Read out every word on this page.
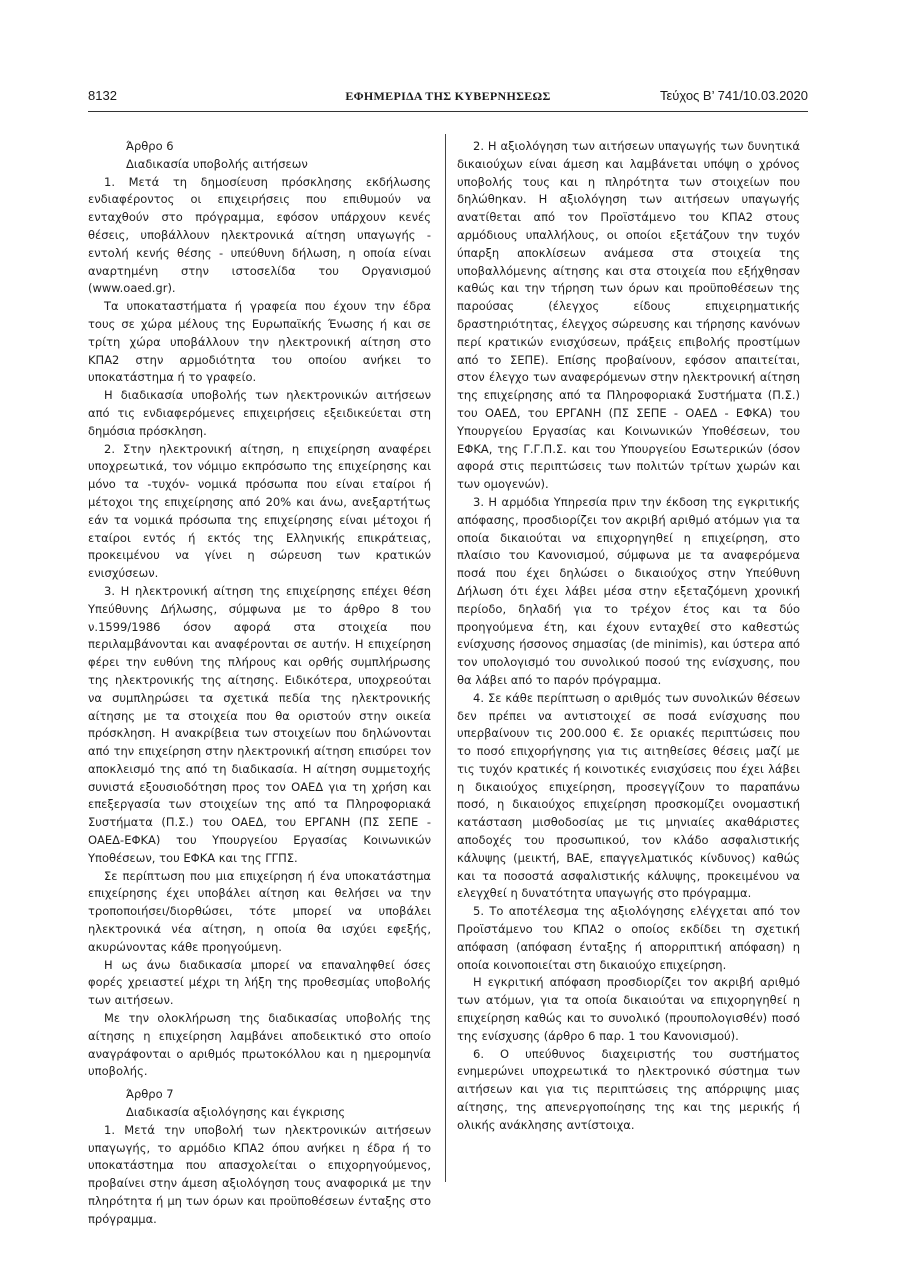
8132	ΕΦΗΜΕΡΙΔΑ ΤΗΣ ΚΥΒΕΡΝΗΣΕΩΣ	Τεύχος Β’ 741/10.03.2020

Άρθρο 6

Διαδικασία υποβολής αιτήσεων

1. Μετά τη δημοσίευση πρόσκλησης εκδήλωσης ενδιαφέροντος οι επιχειρήσεις που επιθυμούν να ενταχθούν στο πρόγραμμα, εφόσον υπάρχουν κενές θέσεις, υποβάλλουν ηλεκτρονικά αίτηση υπαγωγής - εντολή κενής θέσης - υπεύθυνη δήλωση, η οποία είναι αναρτημένη στην ιστοσελίδα του Οργανισμού (www.oaed.gr).

Τα υποκαταστήματα ή γραφεία που έχουν την έδρα τους σε χώρα μέλους της Ευρωπαϊκής Ένωσης ή και σε τρίτη χώρα υποβάλλουν την ηλεκτρονική αίτηση στο ΚΠΑ2 στην αρμοδιότητα του οποίου ανήκει το υποκατάστημα ή το γραφείο.

Η διαδικασία υποβολής των ηλεκτρονικών αιτήσεων από τις ενδιαφερόμενες επιχειρήσεις εξειδικεύεται στη δημόσια πρόσκληση.

2. Στην ηλεκτρονική αίτηση, η επιχείρηση αναφέρει υποχρεωτικά, τον νόμιμο εκπρόσωπο της επιχείρησης και μόνο τα -τυχόν- νομικά πρόσωπα που είναι εταίροι ή μέτοχοι της επιχείρησης από 20% και άνω, ανεξαρτήτως εάν τα νομικά πρόσωπα της επιχείρησης είναι μέτοχοι ή εταίροι εντός ή εκτός της Ελληνικής επικράτειας, προκειμένου να γίνει η σώρευση των κρατικών ενισχύσεων.

3. Η ηλεκτρονική αίτηση της επιχείρησης επέχει θέση Υπεύθυνης Δήλωσης, σύμφωνα με το άρθρο 8 του ν.1599/1986 όσον αφορά στα στοιχεία που περιλαμβάνονται και αναφέρονται σε αυτήν. Η επιχείρηση φέρει την ευθύνη της πλήρους και ορθής συμπλήρωσης της ηλεκτρονικής της αίτησης. Ειδικότερα, υποχρεούται να συμπληρώσει τα σχετικά πεδία της ηλεκτρονικής αίτησης με τα στοιχεία που θα οριστούν στην οικεία πρόσκληση. Η ανακρίβεια των στοιχείων που δηλώνονται από την επιχείρηση στην ηλεκτρονική αίτηση επισύρει τον αποκλεισμό της από τη διαδικασία. Η αίτηση συμμετοχής συνιστά εξουσιοδότηση προς τον ΟΑΕΔ για τη χρήση και επεξεργασία των στοιχείων της από τα Πληροφοριακά Συστήματα (Π.Σ.) του ΟΑΕΔ, του ΕΡΓΑΝΗ (ΠΣ ΣΕΠΕ - ΟΑΕΔ-ΕΦΚΑ) του Υπουργείου Εργασίας Κοινωνικών Υποθέσεων, του ΕΦΚΑ και της ΓΓΠΣ.

Σε περίπτωση που μια επιχείρηση ή ένα υποκατάστημα επιχείρησης έχει υποβάλει αίτηση και θελήσει να την τροποποιήσει/διορθώσει, τότε μπορεί να υποβάλει ηλεκτρονικά νέα αίτηση, η οποία θα ισχύει εφεξής, ακυρώνοντας κάθε προηγούμενη.

Η ως άνω διαδικασία μπορεί να επαναληφθεί όσες φορές χρειαστεί μέχρι τη λήξη της προθεσμίας υποβολής των αιτήσεων.

Με την ολοκλήρωση της διαδικασίας υποβολής της αίτησης η επιχείρηση λαμβάνει αποδεικτικό στο οποίο αναγράφονται ο αριθμός πρωτοκόλλου και η ημερομηνία υποβολής.

Άρθρο 7

Διαδικασία αξιολόγησης και έγκρισης

1. Μετά την υποβολή των ηλεκτρονικών αιτήσεων υπαγωγής, το αρμόδιο ΚΠΑ2 όπου ανήκει η έδρα ή το υποκατάστημα που απασχολείται ο επιχορηγούμενος, προβαίνει στην άμεση αξιολόγηση τους αναφορικά με την πληρότητα ή μη των όρων και προϋποθέσεων ένταξης στο πρόγραμμα.

2. Η αξιολόγηση των αιτήσεων υπαγωγής των δυνητικά δικαιούχων είναι άμεση και λαμβάνεται υπόψη ο χρόνος υποβολής τους και η πληρότητα των στοιχείων που δηλώθηκαν. Η αξιολόγηση των αιτήσεων υπαγωγής ανατίθεται από τον Προϊστάμενο του ΚΠΑ2 στους αρμόδιους υπαλλήλους, οι οποίοι εξετάζουν την τυχόν ύπαρξη αποκλίσεων ανάμεσα στα στοιχεία της υποβαλλόμενης αίτησης και στα στοιχεία που εξήχθησαν καθώς και την τήρηση των όρων και προϋποθέσεων της παρούσας (έλεγχος είδους επιχειρηματικής δραστηριότητας, έλεγχος σώρευσης και τήρησης κανόνων περί κρατικών ενισχύσεων, πράξεις επιβολής προστίμων από το ΣΕΠΕ). Επίσης προβαίνουν, εφόσον απαιτείται, στον έλεγχο των αναφερόμενων στην ηλεκτρονική αίτηση της επιχείρησης από τα Πληροφοριακά Συστήματα (Π.Σ.) του ΟΑΕΔ, του ΕΡΓΑΝΗ (ΠΣ ΣΕΠΕ - ΟΑΕΔ - ΕΦΚΑ) του Υπουργείου Εργασίας και Κοινωνικών Υποθέσεων, του ΕΦΚΑ, της Γ.Γ.Π.Σ. και του Υπουργείου Εσωτερικών (όσον αφορά στις περιπτώσεις των πολιτών τρίτων χωρών και των ομογενών).

3. Η αρμόδια Υπηρεσία πριν την έκδοση της εγκριτικής απόφασης, προσδιορίζει τον ακριβή αριθμό ατόμων για τα οποία δικαιούται να επιχορηγηθεί η επιχείρηση, στο πλαίσιο του Κανονισμού, σύμφωνα με τα αναφερόμενα ποσά που έχει δηλώσει ο δικαιούχος στην Υπεύθυνη Δήλωση ότι έχει λάβει μέσα στην εξεταζόμενη χρονική περίοδο, δηλαδή για το τρέχον έτος και τα δύο προηγούμενα έτη, και έχουν ενταχθεί στο καθεστώς ενίσχυσης ήσσονος σημασίας (de minimis), και ύστερα από τον υπολογισμό του συνολικού ποσού της ενίσχυσης, που θα λάβει από το παρόν πρόγραμμα.

4. Σε κάθε περίπτωση ο αριθμός των συνολικών θέσεων δεν πρέπει να αντιστοιχεί σε ποσά ενίσχυσης που υπερβαίνουν τις 200.000 €. Σε οριακές περιπτώσεις που το ποσό επιχορήγησης για τις αιτηθείσες θέσεις μαζί με τις τυχόν κρατικές ή κοινοτικές ενισχύσεις που έχει λάβει η δικαιούχος επιχείρηση, προσεγγίζουν το παραπάνω ποσό, η δικαιούχος επιχείρηση προσκομίζει ονομαστική κατάσταση μισθοδοσίας με τις μηνιαίες ακαθάριστες αποδοχές του προσωπικού, τον κλάδο ασφαλιστικής κάλυψης (μεικτή, ΒΑΕ, επαγγελματικός κίνδυνος) καθώς και τα ποσοστά ασφαλιστικής κάλυψης, προκειμένου να ελεγχθεί η δυνατότητα υπαγωγής στο πρόγραμμα.

5. Το αποτέλεσμα της αξιολόγησης ελέγχεται από τον Προϊστάμενο του ΚΠΑ2 ο οποίος εκδίδει τη σχετική απόφαση (απόφαση ένταξης ή απορριπτική απόφαση) η οποία κοινοποιείται στη δικαιούχο επιχείρηση.

Η εγκριτική απόφαση προσδιορίζει τον ακριβή αριθμό των ατόμων, για τα οποία δικαιούται να επιχορηγηθεί η επιχείρηση καθώς και το συνολικό (προυπολογισθέν) ποσό της ενίσχυσης (άρθρο 6 παρ. 1 του Κανονισμού).

6. Ο υπεύθυνος διαχειριστής του συστήματος ενημερώνει υποχρεωτικά το ηλεκτρονικό σύστημα των αιτήσεων και για τις περιπτώσεις της απόρριψης μιας αίτησης, της απενεργοποίησης της και της μερικής ή ολικής ανάκλησης αντίστοιχα.
